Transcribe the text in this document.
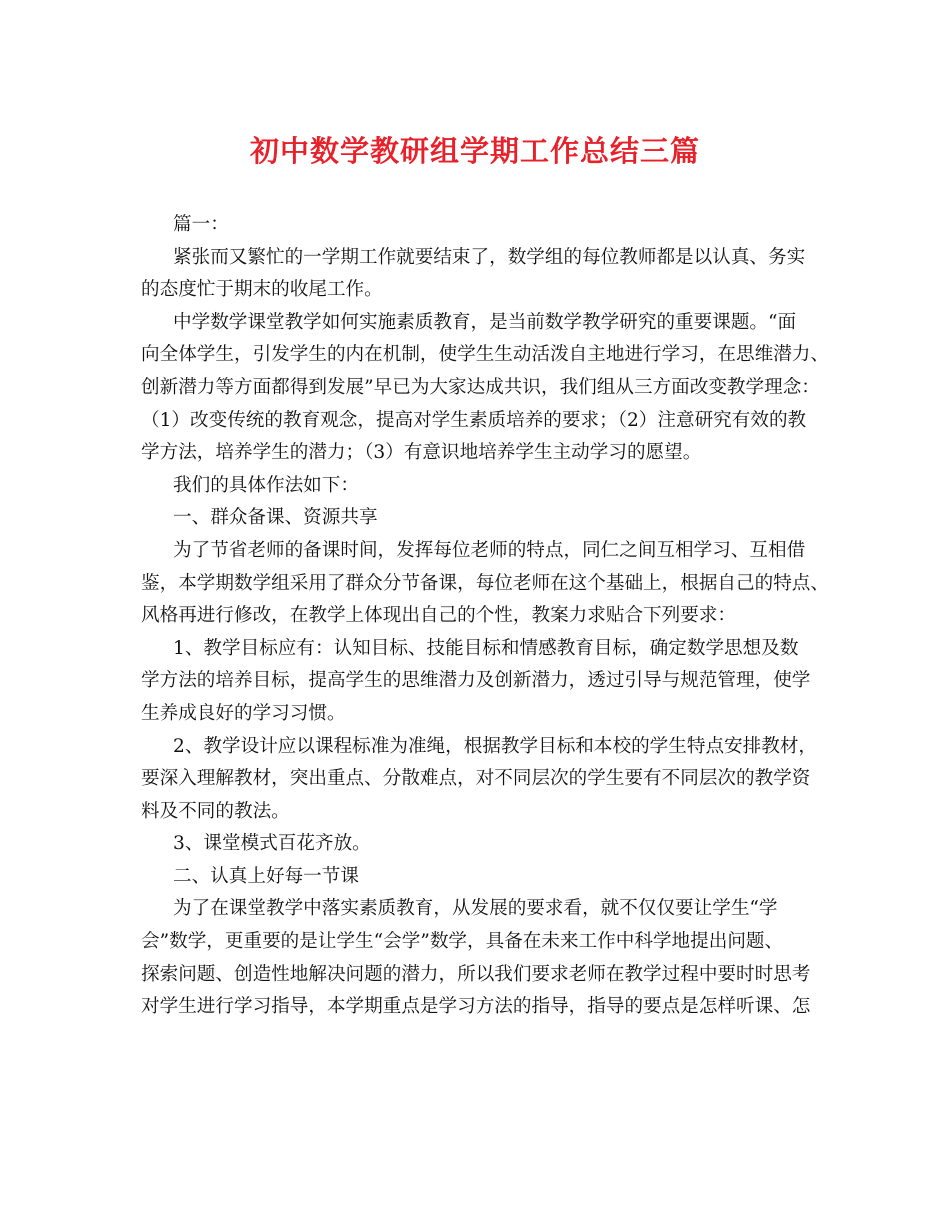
初中数学教研组学期工作总结三篇
篇一：
紧张而又繁忙的一学期工作就要结束了，数学组的每位教师都是以认真、务实
的态度忙于期末的收尾工作。
中学数学课堂教学如何实施素质教育，是当前数学教学研究的重要课题。“面
向全体学生，引发学生的内在机制，使学生生动活泼自主地进行学习，在思维潜力、
创新潜力等方面都得到发展”早已为大家达成共识，我们组从三方面改变教学理念：
（1）改变传统的教育观念，提高对学生素质培养的要求；（2）注意研究有效的教
学方法，培养学生的潜力；（3）有意识地培养学生主动学习的愿望。
我们的具体作法如下：
一、群众备课、资源共享
为了节省老师的备课时间，发挥每位老师的特点，同仁之间互相学习、互相借
鉴，本学期数学组采用了群众分节备课，每位老师在这个基础上，根据自己的特点、
风格再进行修改，在教学上体现出自己的个性，教案力求贴合下列要求：
1、教学目标应有：认知目标、技能目标和情感教育目标，确定数学思想及数
学方法的培养目标，提高学生的思维潜力及创新潜力，透过引导与规范管理，使学
生养成良好的学习习惯。
2、教学设计应以课程标准为准绳，根据教学目标和本校的学生特点安排教材，
要深入理解教材，突出重点、分散难点，对不同层次的学生要有不同层次的教学资
料及不同的教法。
3、课堂模式百花齐放。
二、认真上好每一节课
为了在课堂教学中落实素质教育，从发展的要求看，就不仅仅要让学生“学
会”数学，更重要的是让学生“会学”数学，具备在未来工作中科学地提出问题、
探索问题、创造性地解决问题的潜力，所以我们要求老师在教学过程中要时时思考
对学生进行学习指导，本学期重点是学习方法的指导，指导的要点是怎样听课、怎
